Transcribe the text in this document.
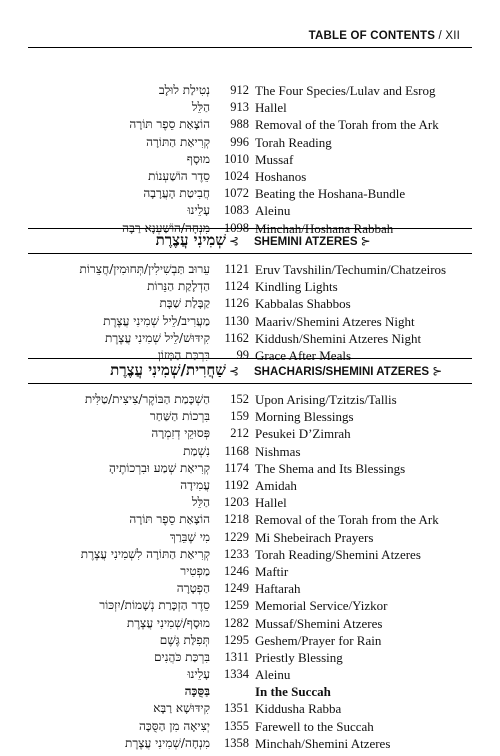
TABLE OF CONTENTS / XII
נְטִילַת לוּלָב	912 The Four Species/Lulav and Esrog
הַלֵּל	913 Hallel
הוֹצָאַת סֵפֶר תּוֹרָה	988 Removal of the Torah from the Ark
קְרִיאַת הַתּוֹרָה	996 Torah Reading
מוּסָף	1010 Mussaf
סֵדֶר הוֹשַׁעְנוֹת	1024 Hoshanos
חֲבִיטַת הָעֲרָבָה	1072 Beating the Hoshana-Bundle
עָלֵינוּ	1083 Aleinu
מִנְחָה/הוֹשַׁעְנָא רַבָּה	1098 Minchah/Hoshana Rabbah
⊱שְׁמִינִי עֲצֶרֶת	SHEMINI ATZERES ⊱
עֵרוּב תַּבְשִׁילִין/תְּחוּמִין/חֲצֵרוֹת	1121 Eruv Tavshilin/Techumin/Chatzeiros
הַדְלָקַת הַנֵּרוֹת	1124 Kindling Lights
קַבָּלַת שַׁבָּת	1126 Kabbalas Shabbos
מַעֲרִיב/לֵיל שְׁמִינִי עֲצֶרֶת	1130 Maariv/Shemini Atzeres Night
קִידּוּשׁ/לֵיל שְׁמִינִי עֲצֶרֶת	1162 Kiddush/Shemini Atzeres Night
בִּרְכַּת הַמָּזוֹן	99 Grace After Meals
⊱שַׁחֲרִית/שְׁמִינִי עֲצֶרֶת	SHACHARIS/SHEMINI ATZERES ⊱
הַשְׁכָּמַת הַבּוֹקֶר/צִיצִית/טַלִּית	152 Upon Arising/Tzitzis/Tallis
בִּרְכוֹת הַשַּׁחַר	159 Morning Blessings
פְּסוּקֵי דְזִמְרָה	212 Pesukei D’Zimrah
נִשְׁמַת	1168 Nishmas
קְרִיאַת שְׁמַע וּבִרְכוֹתֶיהָ	1174 The Shema and Its Blessings
עֲמִידָה	1192 Amidah
הַלֵּל	1203 Hallel
הוֹצָאַת סֵפֶר תּוֹרָה	1218 Removal of the Torah from the Ark
מִי שֶׁבֵּרַךְ	1229 Mi Shebeirach Prayers
קְרִיאַת הַתּוֹרָה לִשְׁמִינִי עֲצֶרֶת	1233 Torah Reading/Shemini Atzeres
מַפְטִיר	1246 Maftir
הַפְטָרָה	1249 Haftarah
סֵדֶר הַזְכָּרַת נְשָׁמוֹת/יִזְכּוֹר	1259 Memorial Service/Yizkor
מוּסָף/שְׁמִינִי עֲצֶרֶת	1282 Mussaf/Shemini Atzeres
תְּפִלַּת גֶּשֶׁם	1295 Geshem/Prayer for Rain
בִּרְכַּת כֹּהֲנִים	1311 Priestly Blessing
עָלֵינוּ	1334 Aleinu
בַּסֻּכָּה	In the Succah
קִידּוּשָׁא רַבָּא	1351 Kiddusha Rabba
יְצִיאָה מִן הַסֻּכָּה	1355 Farewell to the Succah
מִנְחָה/שְׁמִינִי עֲצֶרֶת	1358 Minchah/Shemini Atzeres
